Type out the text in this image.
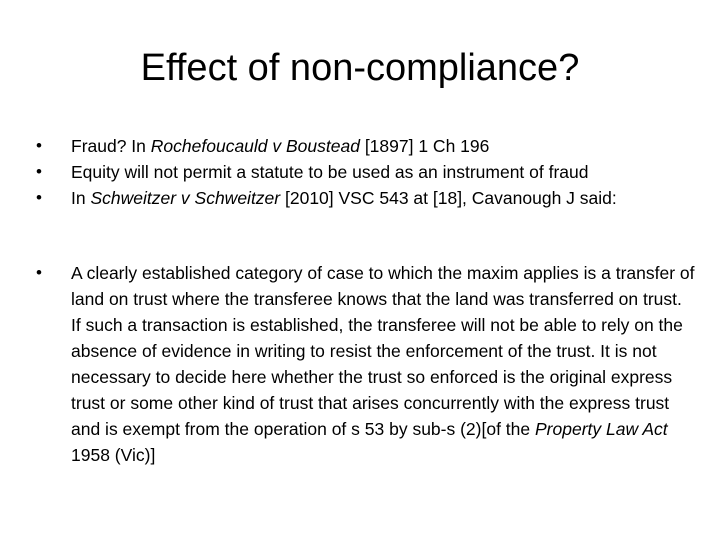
Effect of non-compliance?
•	Fraud? In Rochefoucauld v Boustead [1897] 1 Ch 196
•	Equity will not permit a statute to be used as an instrument of fraud
•	In Schweitzer v Schweitzer [2010] VSC 543 at [18], Cavanough J said:
•	A clearly established category of case to which the maxim applies is a transfer of land on trust where the transferee knows that the land was transferred on trust. If such a transaction is established, the transferee will not be able to rely on the absence of evidence in writing to resist the enforcement of the trust. It is not necessary to decide here whether the trust so enforced is the original express trust or some other kind of trust that arises concurrently with the express trust and is exempt from the operation of s 53 by sub-s (2)[of the Property Law Act 1958 (Vic)]
